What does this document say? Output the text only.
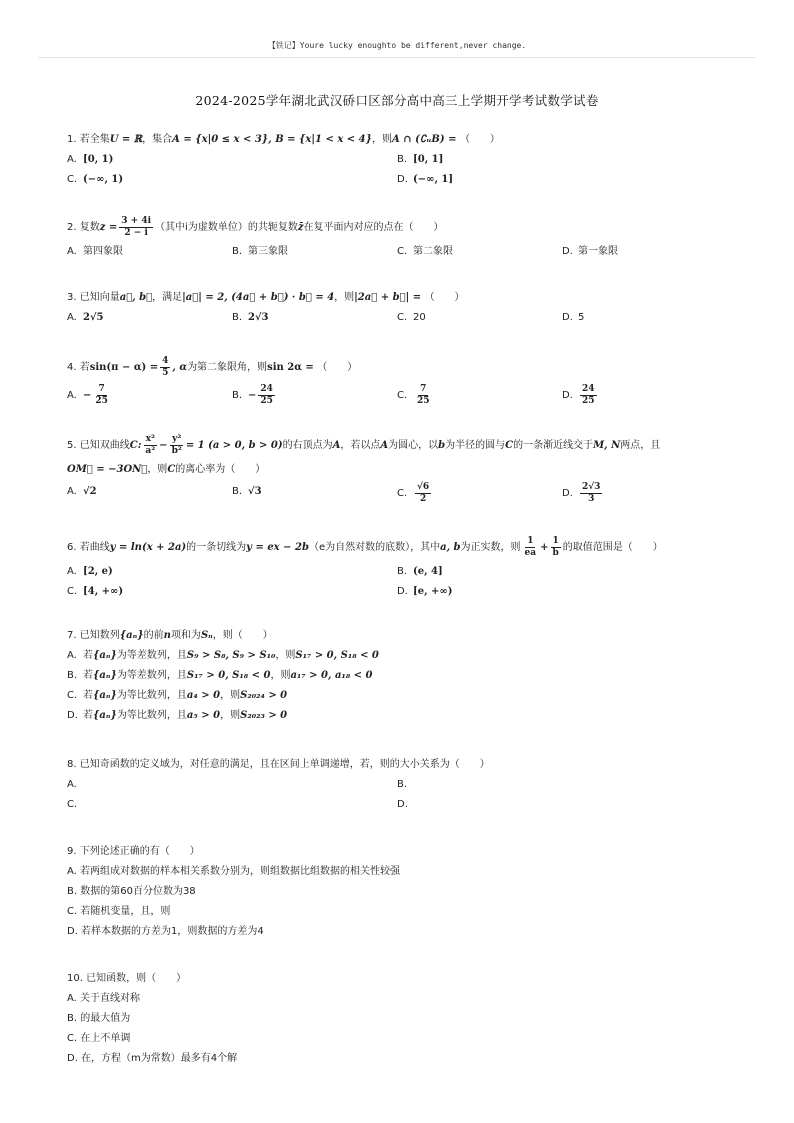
【铁记】Youre lucky enoughto be different,never change.
2024-2025学年湖北武汉硚口区部分高中高三上学期开学考试数学试卷
1. 若全集U = ℝ，集合A = {x|0 ≤ x < 3}, B = {x|1 < x < 4}，则A ∩ (∁ᵤB) = （　　）
A. [0, 1)	B. [0, 1]
C. (−∞, 1)	D. (−∞, 1]
2. 复数$z = \frac{3 + 4i}{2 - i}$ （其中i为虚数单位）的共轭复数z̄在复平面内对应的点在（　　）
A. 第四象限	B. 第三象限	C. 第二象限	D. 第一象限
3. 已知向量a⃗, b⃗，满足|a⃗| = 2, (4a⃗ + b⃗) · b⃗ = 4，则|2a⃗ + b⃗| = （　　）
A. 2√5	B. 2√3	C. 20	D. 5
4. 若$\sin(\pi - \alpha) = \frac{4}{5}$ , α为第二象限角，则sin 2α = （　　）
A. − $\frac{7}{25}$	B. − $\frac{24}{25}$	C. $\frac{7}{25}$	D. $\frac{24}{25}$
5. 已知双曲线C: $\frac{\text{x²}}{\text{a²}} - \frac{\text{y²}}{\text{b²}} = 1$ (a > 0, b > 0)的右顶点为A，若以点A为圆心，以b为半径的圆与C的一条渐近线交于M, N两点，且
OM⃗ = −3ON⃗，则C的离心率为（　　）
A. √2	B. √3	C. $\frac{√6}{2}$	D. $\frac{2√3}{3}$
6. 若曲线y = ln(x + 2a)的一条切线为y = ex − 2b（e为自然对数的底数），其中a, b为正实数，则 $\frac{1}{ea} + \frac{1}{b}$ 的取值范围是（　　）
A. [2, e)	B. (e, 4]
C. [4, +∞)	D. [e, +∞)
7. 已知数列{aₙ}的前n项和为Sₙ，则（　　）
A. 若{aₙ}为等差数列，且S₉ > S₈, S₉ > S₁₀，则S₁₇ > 0, S₁₈ < 0
B. 若{aₙ}为等差数列，且S₁₇ > 0, S₁₈ < 0，则a₁₇ > 0, a₁₈ < 0
C. 若{aₙ}为等比数列，且a₄ > 0，则S₂₀₂₄ > 0
D. 若{aₙ}为等比数列，且a₅ > 0，则S₂₀₂₃ > 0
8. 已知奇函数的定义域为，对任意的满足，且在区间上单调递增，若，则的大小关系为（　　）
A.	B.
C.	D.
9. 下列论述正确的有（　　）
A. 若两组成对数据的样本相关系数分别为，则组数据比组数据的相关性较强
B. 数据的第60百分位数为38
C. 若随机变量，且，则
D. 若样本数据的方差为1，则数据的方差为4
10. 已知函数，则（　　）
A. 关于直线对称
B. 的最大值为
C. 在上不单调
D. 在，方程（m为常数）最多有4个解
